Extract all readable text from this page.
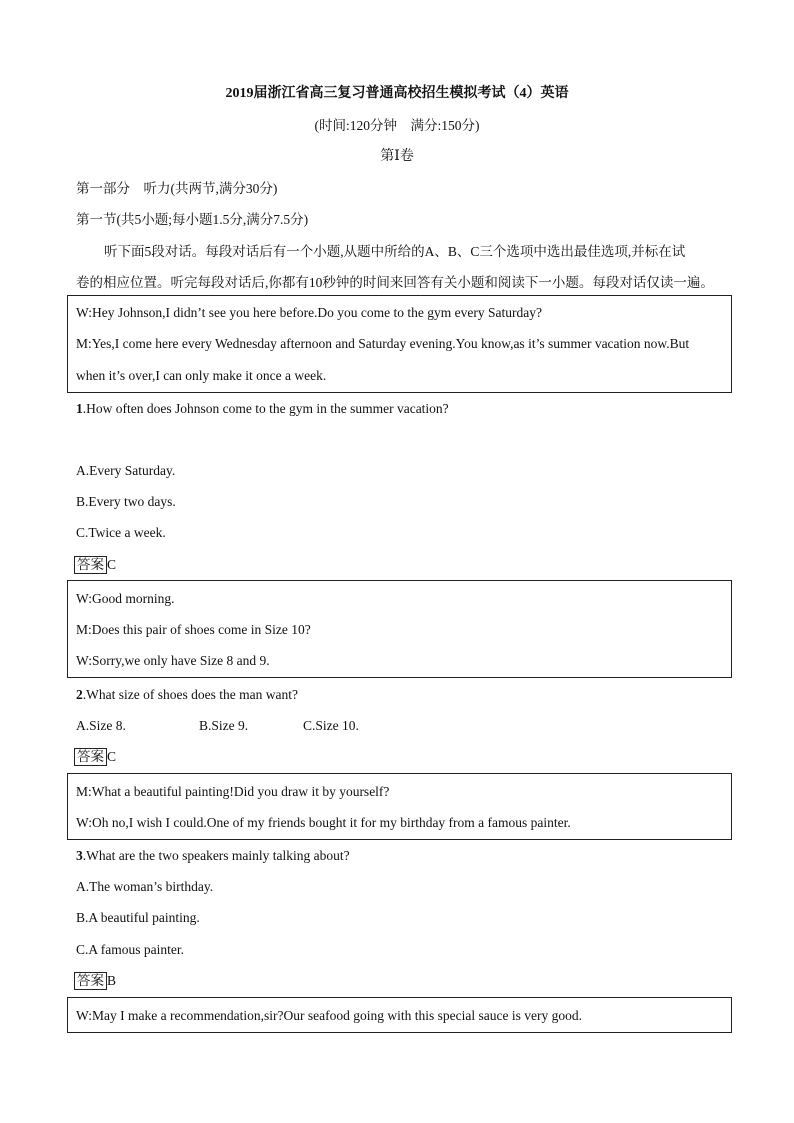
2019届浙江省高三复习普通高校招生模拟考试（4）英语
(时间:120分钟　满分:150分)
第Ⅰ卷
第一部分　听力(共两节,满分30分)
第一节(共5小题;每小题1.5分,满分7.5分)
听下面5段对话。每段对话后有一个小题,从题中所给的A、B、C三个选项中选出最佳选项,并标在试
卷的相应位置。听完每段对话后,你都有10秒钟的时间来回答有关小题和阅读下一小题。每段对话仅读一遍。
W:Hey Johnson,I didn’t see you here before.Do you come to the gym every Saturday?
M:Yes,I come here every Wednesday afternoon and Saturday evening.You know,as it’s summer vacation now.But
when it’s over,I can only make it once a week.
1.How often does Johnson come to the gym in the summer vacation?
A.Every Saturday.
B.Every two days.
C.Twice a week.
答案 C
W:Good morning.
M:Does this pair of shoes come in Size 10?
W:Sorry,we only have Size 8 and 9.
2.What size of shoes does the man want?
A.Size 8.	B.Size 9.	C.Size 10.
答案 C
M:What a beautiful painting!Did you draw it by yourself?
W:Oh no,I wish I could.One of my friends bought it for my birthday from a famous painter.
3.What are the two speakers mainly talking about?
A.The woman’s birthday.
B.A beautiful painting.
C.A famous painter.
答案 B
W:May I make a recommendation,sir?Our seafood going with this special sauce is very good.
